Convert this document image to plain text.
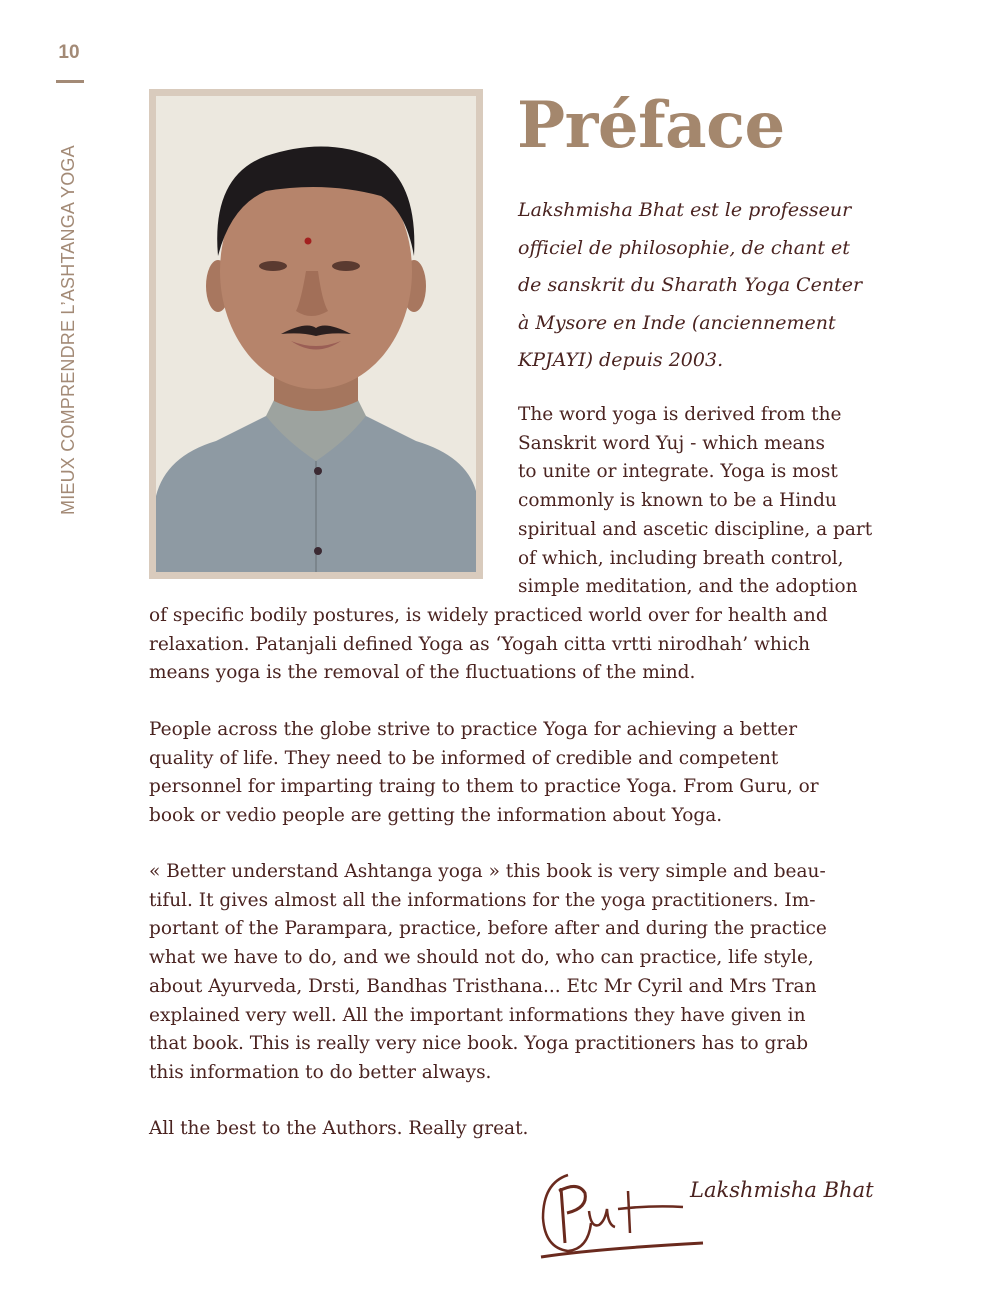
10
MIEUX COMPRENDRE L’ASHTANGA YOGA
Préface
Lakshmisha Bhat est le professeur
officiel de philosophie, de chant et
de sanskrit du Sharath Yoga Center
à Mysore en Inde (anciennement
KPJAYI) depuis 2003.
The word yoga is derived from the
Sanskrit word Yuj - which means
to unite or integrate. Yoga is most
commonly is known to be a Hindu
spiritual and ascetic discipline, a part
of which, including breath control,
simple meditation, and the adoption
of specific bodily postures, is widely practiced world over for health and
relaxation. Patanjali defined Yoga as ‘Yogah citta vrtti nirodhah’ which
means yoga is the removal of the fluctuations of the mind.
People across the globe strive to practice Yoga for achieving a better
quality of life. They need to be informed of credible and competent
personnel for imparting traing to them to practice Yoga. From Guru, or
book or vedio people are getting the information about Yoga.
« Better understand Ashtanga yoga » this book is very simple and beau-
tiful. It gives almost all the informations for the yoga practitioners. Im-
portant of the Parampara, practice, before after and during the practice
what we have to do, and we should not do, who can practice, life style,
about Ayurveda, Drsti, Bandhas Tristhana... Etc Mr Cyril and Mrs Tran
explained very well. All the important informations they have given in
that book. This is really very nice book. Yoga practitioners has to grab
this information to do better always.
All the best to the Authors. Really great.
Lakshmisha Bhat
